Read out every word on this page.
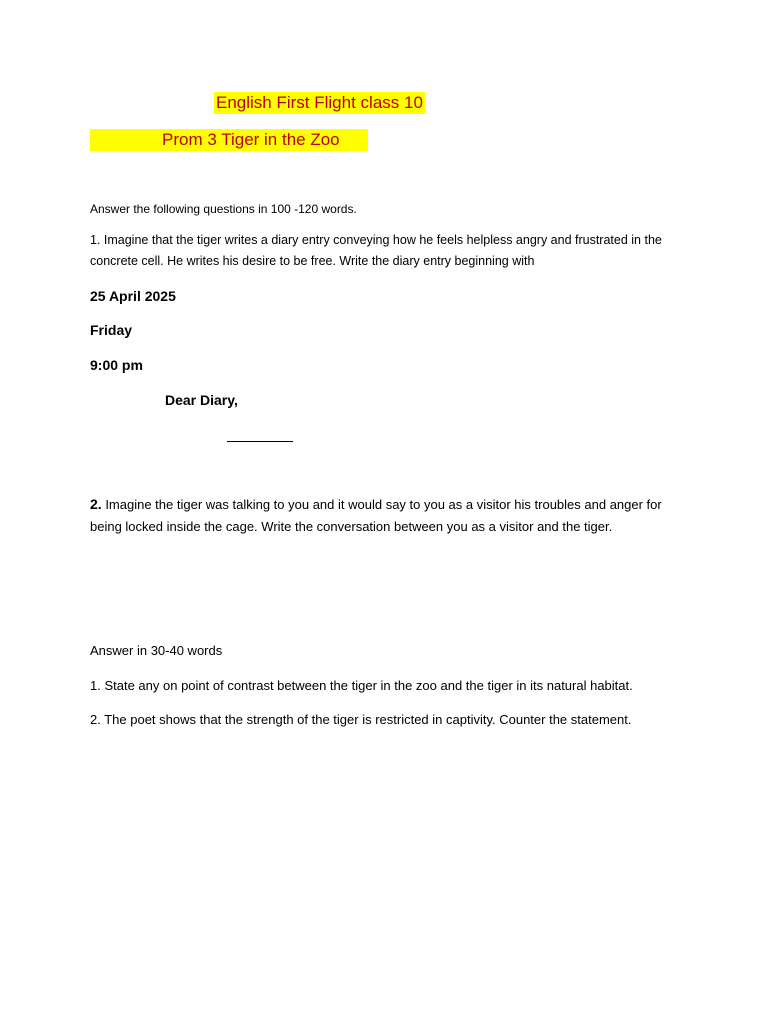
English First Flight class 10
Prom 3 Tiger in the Zoo
Answer the following questions in 100 -120 words.
1. Imagine that the tiger writes a diary entry conveying how he feels helpless angry and frustrated in the concrete cell. He writes his desire to be free. Write the diary entry beginning with
25 April 2025
Friday
9:00 pm
Dear Diary,
2. Imagine the tiger was talking to you and it would say to you as a visitor his troubles and anger for being locked inside the cage. Write the conversation between you as a visitor and the tiger.
Answer in 30-40 words
1. State any on point of contrast between the tiger in the zoo and the tiger in its natural habitat.
2. The poet shows that the strength of the tiger is restricted in captivity. Counter the statement.
